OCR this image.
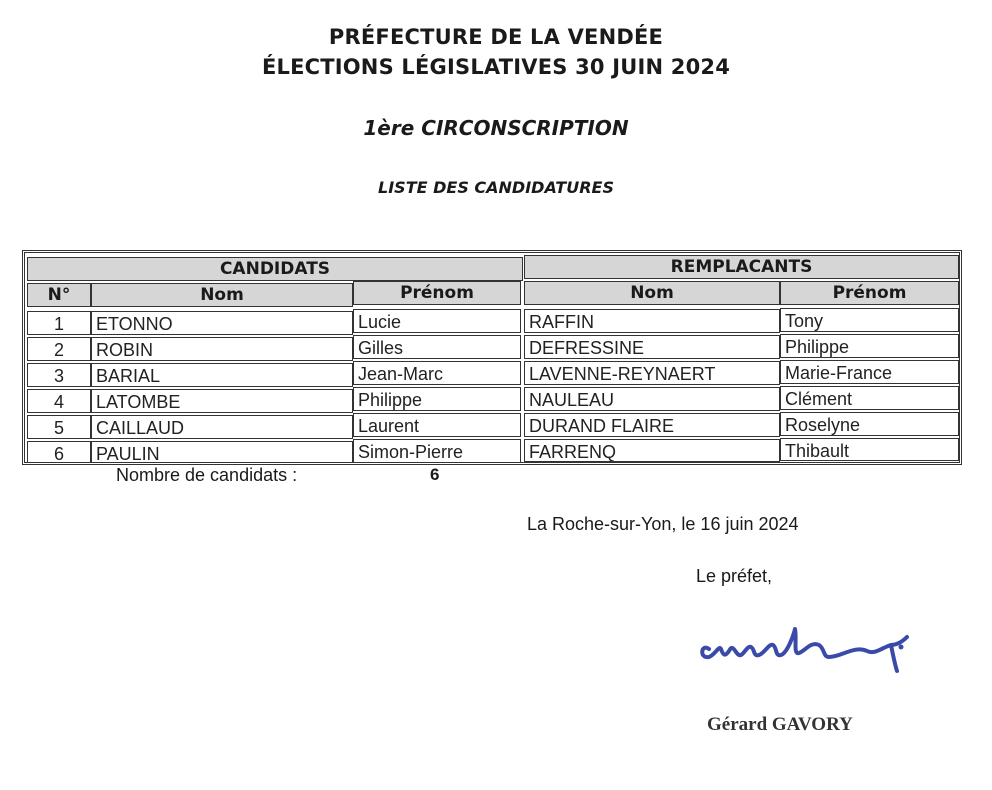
PRÉFECTURE DE LA VENDÉE
ÉLECTIONS LÉGISLATIVES 30 JUIN 2024
1ère CIRCONSCRIPTION
LISTE DES CANDIDATURES
CANDIDATS	REMPLACANTS
N°	Nom	Prénom	Nom	Prénom
1	ETONNO	Lucie	RAFFIN	Tony
2	ROBIN	Gilles	DEFRESSINE	Philippe
3	BARIAL	Jean-Marc	LAVENNE-REYNAERT	Marie-France
4	LATOMBE	Philippe	NAULEAU	Clément
5	CAILLAUD	Laurent	DURAND FLAIRE	Roselyne
6	PAULIN	Simon-Pierre	FARRENQ	Thibault
Nombre de candidats :	6
La Roche-sur-Yon, le 16 juin 2024
Le préfet,
Gérard GAVORY
